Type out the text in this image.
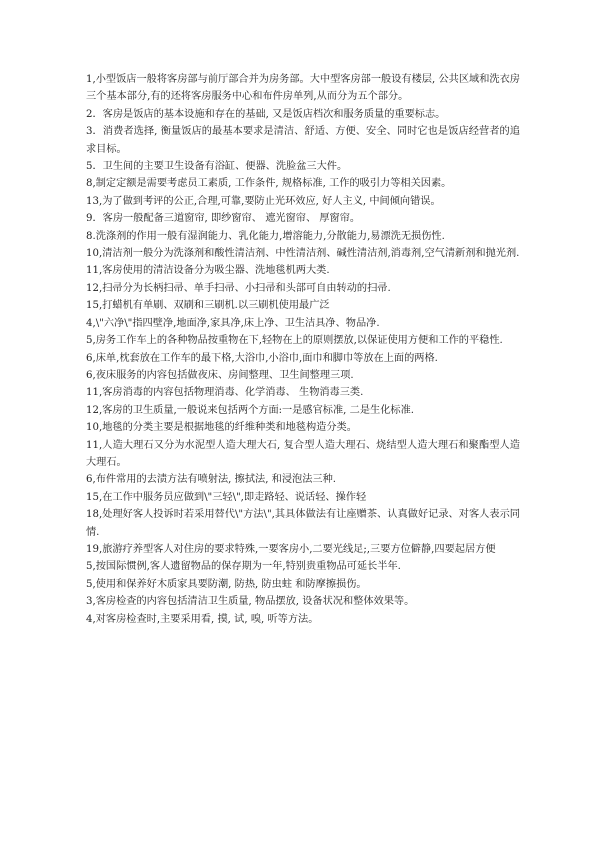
1,小型饭店一般将客房部与前厅部合并为房务部。大中型客房部一般设有楼层, 公共区域和洗衣房三个基本部分,有的还将客房服务中心和布件房单列,从而分为五个部分。

2．客房是饭店的基本设施和存在的基础, 又是饭店档次和服务质量的重要标志。

3．消费者选择, 衡量饭店的最基本要求是清洁、舒适、方便、安全、同时它也是饭店经营者的追求目标。

5．卫生间的主要卫生设备有浴缸、便器、洗脸盆三大件。

8,制定定额是需要考虑员工素质, 工作条件, 规格标准, 工作的吸引力等相关因素。

13,为了做到考评的公正,合理,可靠,要防止光环效应, 好人主义, 中间倾向错误。

9．客房一般配备三道窗帘, 即纱窗帘、 遮光窗帘、 厚窗帘。

8.洗涤剂的作用一般有湿润能力、乳化能力,增溶能力,分散能力,易漂洗无损伤性.

10,清洁剂一般分为洗涤剂和酸性清洁剂、中性清洁剂、碱性清洁剂,消毒剂,空气清新剂和抛光剂.

11,客房使用的清洁设备分为吸尘器、洗地毯机两大类.

12,扫帚分为长柄扫帚、单手扫帚、小扫帚和头部可自由转动的扫帚.

15,打蜡机有单刷、双刷和三刷机.以三刷机使用最广泛

4,\"六净\"指四壁净,地面净,家具净,床上净、卫生洁具净、物品净.

5,房务工作车上的各种物品按重物在下,轻物在上的原则摆放,以保证使用方便和工作的平稳性.

6,床单,枕套放在工作车的最下格,大浴巾,小浴巾,面巾和脚巾等放在上面的两格.

6,夜床服务的内容包括做夜床、房间整理、卫生间整理三项.

11,客房消毒的内容包括物理消毒、化学消毒、 生物消毒三类.

12,客房的卫生质量,一般说来包括两个方面:一是感官标准, 二是生化标准.

10,地毯的分类主要是根据地毯的纤维种类和地毯构造分类。

11,人造大理石又分为水泥型人造大理大石, 复合型人造大理石、烧结型人造大理石和聚酯型人造大理石。

6,布件常用的去渍方法有喷射法, 擦拭法, 和浸泡法三种.

15,在工作中服务员应做到\"三轻\",即走路轻、说话轻、操作轻

18,处理好客人投诉时若采用替代\"方法\",其具体做法有让座赠茶、认真做好记录、对客人表示同情.

19,旅游疗养型客人对住房的要求特殊,一要客房小,二要光线足;,三要方位僻静,四要起居方便

5,按国际惯例,客人遗留物品的保存期为一年,特别贵重物品可延长半年.

5,使用和保养好木质家具要防潮, 防热, 防虫蛀 和防摩擦损伤。

3,客房检查的内容包括清洁卫生质量, 物品摆放, 设备状况和整体效果等。

4,对客房检查时,主要采用看, 摸, 试, 嗅, 听等方法。
